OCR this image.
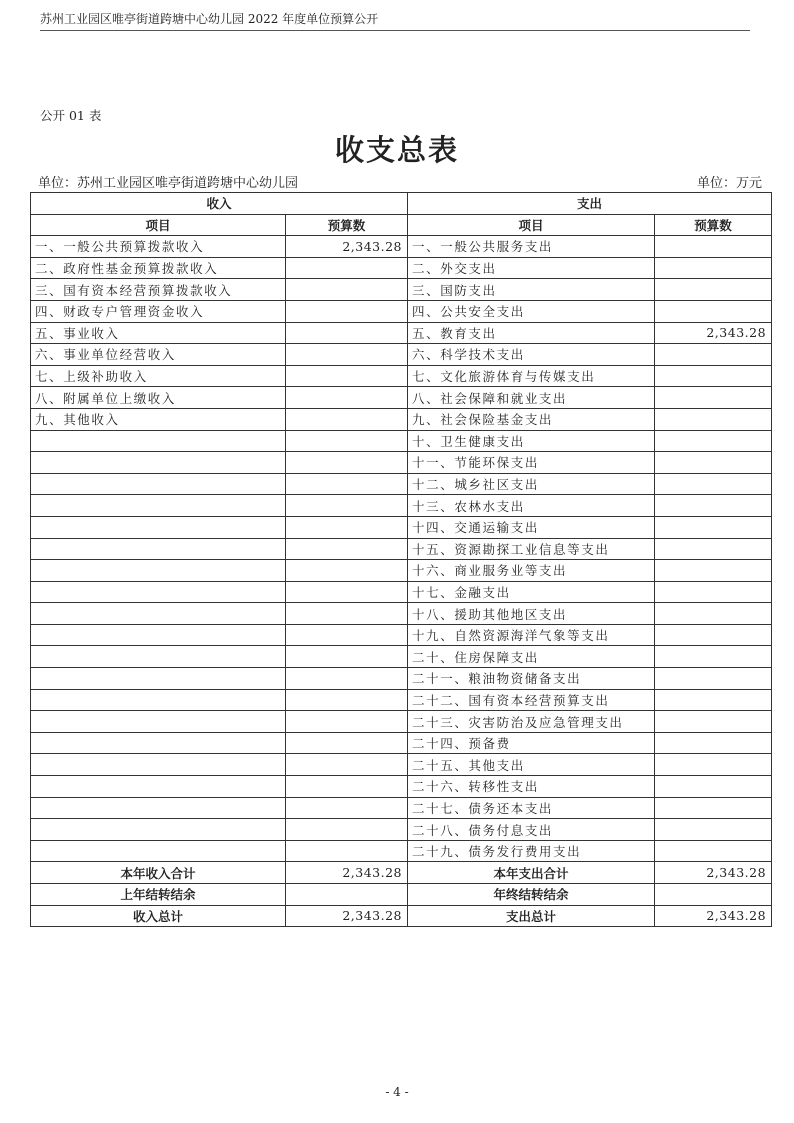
苏州工业园区唯亭街道跨塘中心幼儿园 2022 年度单位预算公开
公开 01 表
收支总表
单位：苏州工业园区唯亭街道跨塘中心幼儿园	单位：万元
收入		支出	
项目	预算数	项目	预算数
一、一般公共预算拨款收入	2,343.28	一、一般公共服务支出	
二、政府性基金预算拨款收入		二、外交支出	
三、国有资本经营预算拨款收入		三、国防支出	
四、财政专户管理资金收入		四、公共安全支出	
五、事业收入		五、教育支出	2,343.28
六、事业单位经营收入		六、科学技术支出	
七、上级补助收入		七、文化旅游体育与传媒支出	
八、附属单位上缴收入		八、社会保障和就业支出	
九、其他收入		九、社会保险基金支出	
		十、卫生健康支出	
		十一、节能环保支出	
		十二、城乡社区支出	
		十三、农林水支出	
		十四、交通运输支出	
		十五、资源勘探工业信息等支出	
		十六、商业服务业等支出	
		十七、金融支出	
		十八、援助其他地区支出	
		十九、自然资源海洋气象等支出	
		二十、住房保障支出	
		二十一、粮油物资储备支出	
		二十二、国有资本经营预算支出	
		二十三、灾害防治及应急管理支出	
		二十四、预备费	
		二十五、其他支出	
		二十六、转移性支出	
		二十七、债务还本支出	
		二十八、债务付息支出	
		二十九、债务发行费用支出	
本年收入合计	2,343.28	本年支出合计	2,343.28
上年结转结余		年终结转结余	
收入总计	2,343.28	支出总计	2,343.28
- 4 -
